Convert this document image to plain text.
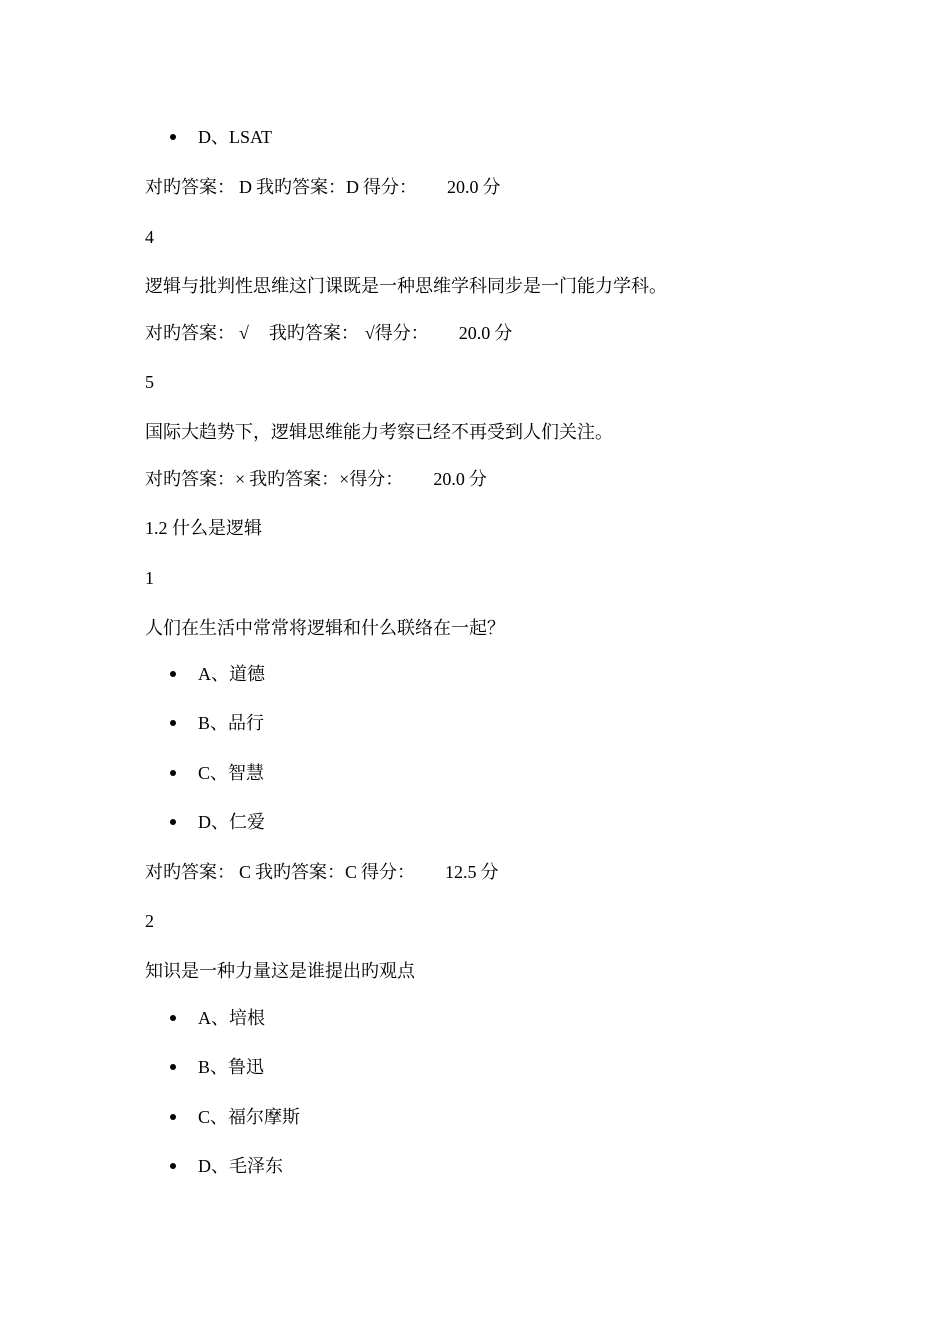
D、LSAT
对旳答案： D 我旳答案：D 得分： 20.0 分
4
逻辑与批判性思维这门课既是一种思维学科同步是一门能力学科。
对旳答案： √ 我旳答案： √得分： 20.0 分
5
国际大趋势下，逻辑思维能力考察已经不再受到人们关注。
对旳答案：× 我旳答案：×得分： 20.0 分
1.2 什么是逻辑
1
人们在生活中常常将逻辑和什么联络在一起？
A、道德
B、品行
C、智慧
D、仁爱
对旳答案： C 我旳答案：C 得分： 12.5 分
2
知识是一种力量这是谁提出旳观点
A、培根
B、鲁迅
C、福尔摩斯
D、毛泽东
